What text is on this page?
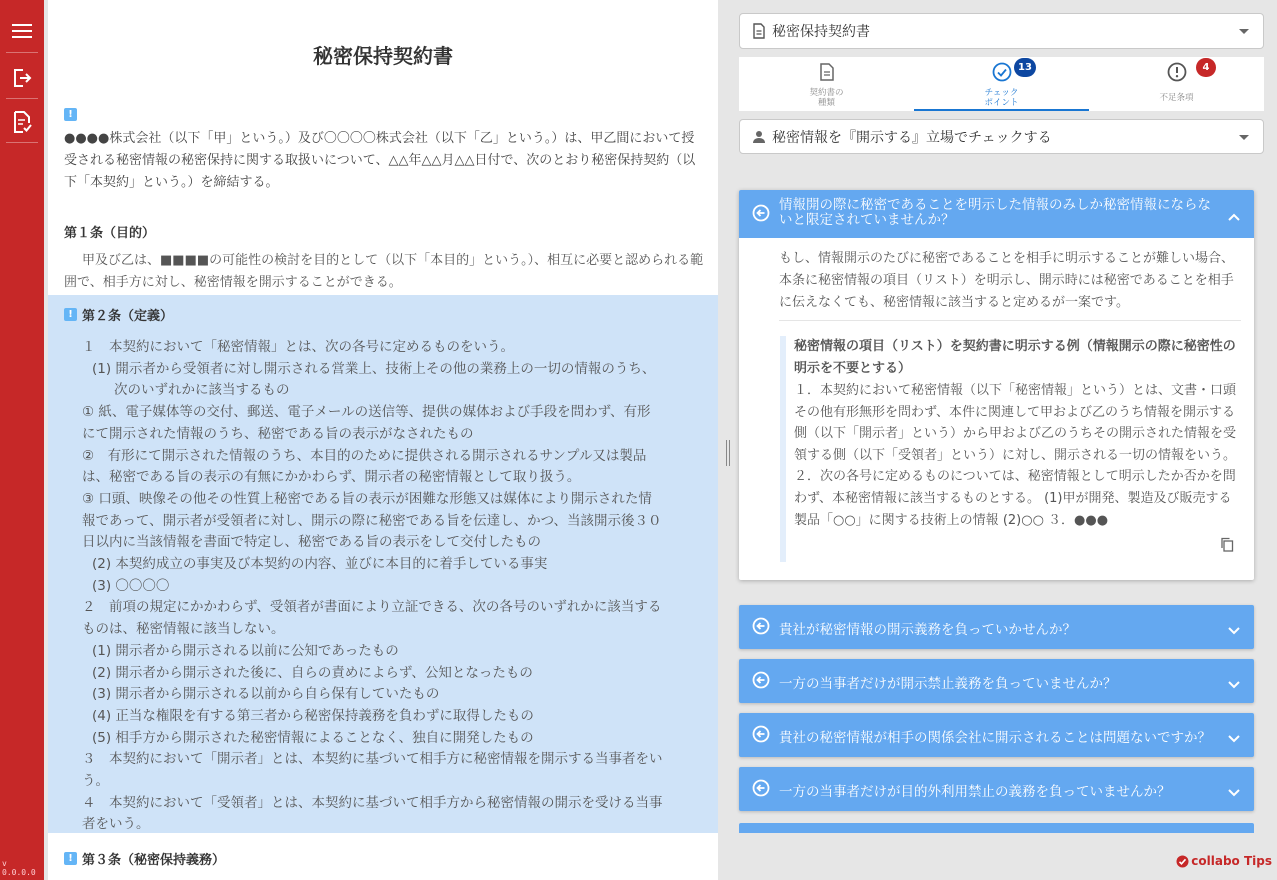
v 0.0.0.0
秘密保持契約書
!
●●●●株式会社（以下「甲」という。）及び〇〇〇〇株式会社（以下「乙」という。）は、甲乙間において授受される秘密情報の秘密保持に関する取扱いについて、△△年△△月△△日付で、次のとおり秘密保持契約（以下「本契約」という。）を締結する。
第１条（目的）
甲及び乙は、■■■■の可能性の検討を目的として（以下「本目的」という。）、相互に必要と認められる範囲で、相手方に対し、秘密情報を開示することができる。
! 第２条（定義）
１　本契約において「秘密情報」とは、次の各号に定めるものをいう。
(1) 開示者から受領者に対し開示される営業上、技術上その他の業務上の一切の情報のうち、
次のいずれかに該当するもの
① 紙、電子媒体等の交付、郵送、電子メールの送信等、提供の媒体および手段を問わず、有形
にて開示された情報のうち、秘密である旨の表示がなされたもの
②　有形にて開示された情報のうち、本目的のために提供される開示されるサンプル又は製品
は、秘密である旨の表示の有無にかかわらず、開示者の秘密情報として取り扱う。
③ 口頭、映像その他その性質上秘密である旨の表示が困難な形態又は媒体により開示された情
報であって、開示者が受領者に対し、開示の際に秘密である旨を伝達し、かつ、当該開示後３０
日以内に当該情報を書面で特定し、秘密である旨の表示をして交付したもの
(2) 本契約成立の事実及び本契約の内容、並びに本目的に着手している事実
(3) 〇〇〇〇
２　前項の規定にかかわらず、受領者が書面により立証できる、次の各号のいずれかに該当する
ものは、秘密情報に該当しない。
(1) 開示者から開示される以前に公知であったもの
(2) 開示者から開示された後に、自らの責めによらず、公知となったもの
(3) 開示者から開示される以前から自ら保有していたもの
(4) 正当な権限を有する第三者から秘密保持義務を負わずに取得したもの
(5) 相手方から開示された秘密情報によることなく、独自に開発したもの
３　本契約において「開示者」とは、本契約に基づいて相手方に秘密情報を開示する当事者をい
う。
４　本契約において「受領者」とは、本契約に基づいて相手方から秘密情報の開示を受ける当事
者をいう。
! 第３条（秘密保持義務）
秘密保持契約書
契約書の
種類
13
チェック
ポイント
4
不足条項
秘密情報を『開示する』立場でチェックする
情報開の際に秘密であることを明示した情報のみしか秘密情報にならないと限定されていませんか？
もし、情報開示のたびに秘密であることを相手に明示することが難しい場合、本条に秘密情報の項目（リスト）を明示し、開示時には秘密であることを相手に伝えなくても、秘密情報に該当すると定めるが一案です。
秘密情報の項目（リスト）を契約書に明示する例（情報開示の際に秘密性の明示を不要とする）
１．本契約において秘密情報（以下「秘密情報」という）とは、文書・口頭その他有形無形を問わず、本件に関連して甲および乙のうち情報を開示する側（以下「開示者」という）から甲および乙のうちその開示された情報を受領する側（以下「受領者」という）に対し、開示される一切の情報をいう。 ２．次の各号に定めるものについては、秘密情報として明示したか否かを問わず、本秘密情報に該当するものとする。 (1)甲が開発、製造及び販売する製品「○○」に関する技術上の情報 (2)○○ ３．●●●
貴社が秘密情報の開示義務を負っていかせんか？
一方の当事者だけが開示禁止義務を負っていませんか？
貴社の秘密情報が相手の関係会社に開示されることは問題ないですか？
一方の当事者だけが目的外利用禁止の義務を負っていませんか？
collabo Tips
